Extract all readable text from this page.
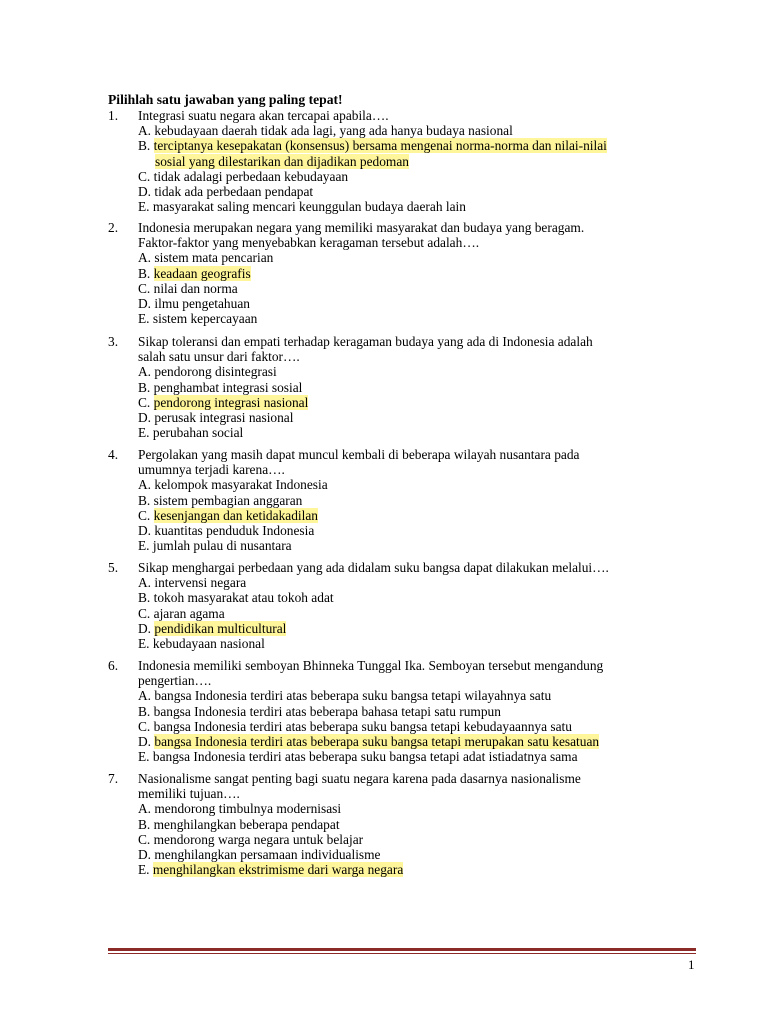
Pilihlah satu jawaban yang paling tepat!
1. Integrasi suatu negara akan tercapai apabila….
A. kebudayaan daerah tidak ada lagi, yang ada hanya budaya nasional
B. terciptanya kesepakatan (konsensus) bersama mengenai norma-norma dan nilai-nilai
sosial yang dilestarikan dan dijadikan pedoman
C. tidak adalagi perbedaan kebudayaan
D. tidak ada perbedaan pendapat
E. masyarakat saling mencari keunggulan budaya daerah lain
2. Indonesia merupakan negara yang memiliki masyarakat dan budaya yang beragam.
Faktor-faktor yang menyebabkan keragaman tersebut adalah….
A. sistem mata pencarian
B. keadaan geografis
C. nilai dan norma
D. ilmu pengetahuan
E. sistem kepercayaan
3. Sikap toleransi dan empati terhadap keragaman budaya yang ada di Indonesia adalah
salah satu unsur dari faktor….
A. pendorong disintegrasi
B. penghambat integrasi sosial
C. pendorong integrasi nasional
D. perusak integrasi nasional
E. perubahan social
4. Pergolakan yang masih dapat muncul kembali di beberapa wilayah nusantara pada
umumnya terjadi karena….
A. kelompok masyarakat Indonesia
B. sistem pembagian anggaran
C. kesenjangan dan ketidakadilan
D. kuantitas penduduk Indonesia
E. jumlah pulau di nusantara
5. Sikap menghargai perbedaan yang ada didalam suku bangsa dapat dilakukan melalui….
A. intervensi negara
B. tokoh masyarakat atau tokoh adat
C. ajaran agama
D. pendidikan multicultural
E. kebudayaan nasional
6. Indonesia memiliki semboyan Bhinneka Tunggal Ika. Semboyan tersebut mengandung
pengertian….
A. bangsa Indonesia terdiri atas beberapa suku bangsa tetapi wilayahnya satu
B. bangsa Indonesia terdiri atas beberapa bahasa tetapi satu rumpun
C. bangsa Indonesia terdiri atas beberapa suku bangsa tetapi kebudayaannya satu
D. bangsa Indonesia terdiri atas beberapa suku bangsa tetapi merupakan satu kesatuan
E. bangsa Indonesia terdiri atas beberapa suku bangsa tetapi adat istiadatnya sama
7. Nasionalisme sangat penting bagi suatu negara karena pada dasarnya nasionalisme
memiliki tujuan….
A. mendorong timbulnya modernisasi
B. menghilangkan beberapa pendapat
C. mendorong warga negara untuk belajar
D. menghilangkan persamaan individualisme
E. menghilangkan ekstrimisme dari warga negara
1
